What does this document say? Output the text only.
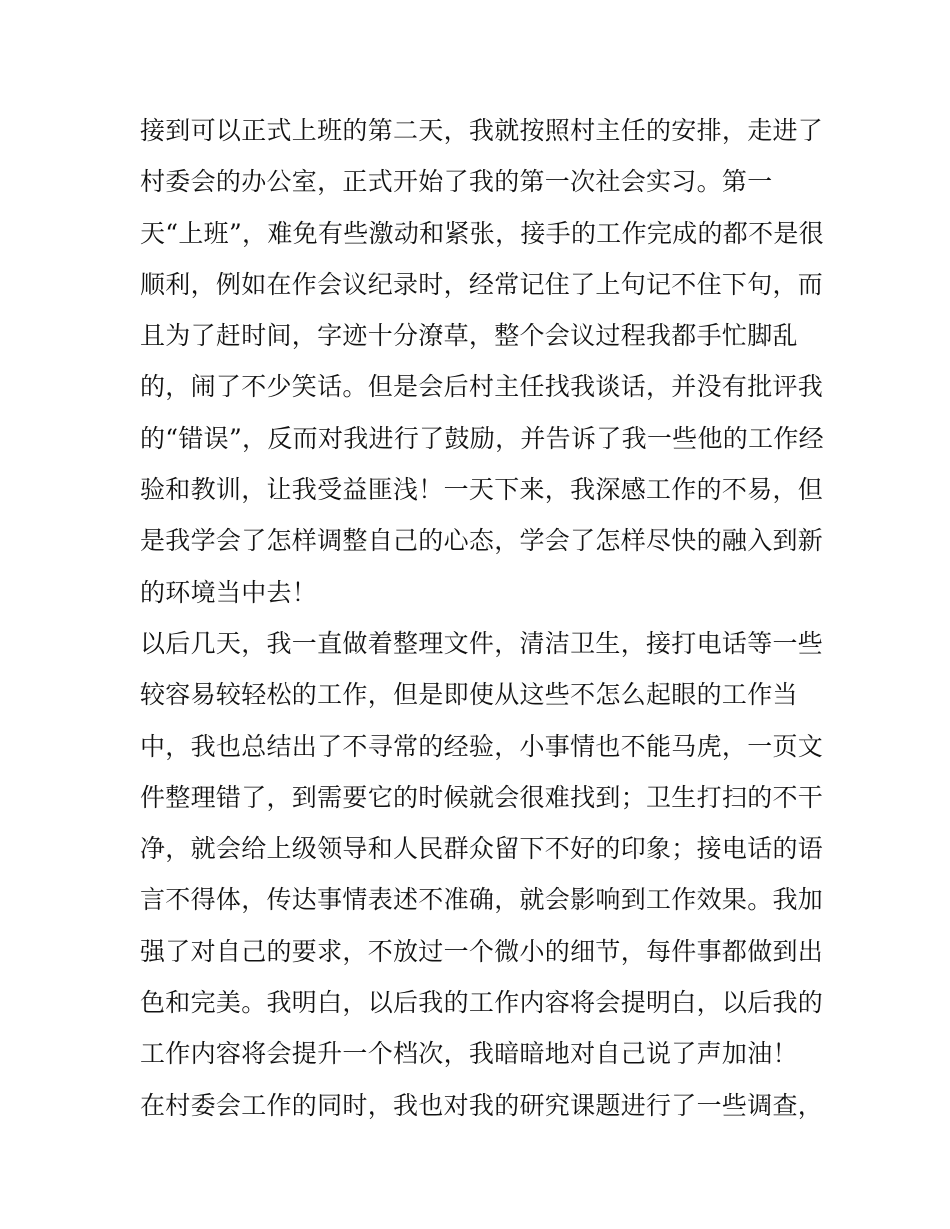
接到可以正式上班的第二天，我就按照村主任的安排，走进了
村委会的办公室，正式开始了我的第一次社会实习。第一
天“上班”，难免有些激动和紧张，接手的工作完成的都不是很
顺利，例如在作会议纪录时，经常记住了上句记不住下句，而
且为了赶时间，字迹十分潦草，整个会议过程我都手忙脚乱
的，闹了不少笑话。但是会后村主任找我谈话，并没有批评我
的“错误”，反而对我进行了鼓励，并告诉了我一些他的工作经
验和教训，让我受益匪浅！一天下来，我深感工作的不易，但
是我学会了怎样调整自己的心态，学会了怎样尽快的融入到新
的环境当中去！
以后几天，我一直做着整理文件，清洁卫生，接打电话等一些
较容易较轻松的工作，但是即使从这些不怎么起眼的工作当
中，我也总结出了不寻常的经验，小事情也不能马虎，一页文
件整理错了，到需要它的时候就会很难找到；卫生打扫的不干
净，就会给上级领导和人民群众留下不好的印象；接电话的语
言不得体，传达事情表述不准确，就会影响到工作效果。我加
强了对自己的要求，不放过一个微小的细节，每件事都做到出
色和完美。我明白，以后我的工作内容将会提明白，以后我的
工作内容将会提升一个档次，我暗暗地对自己说了声加油！
在村委会工作的同时，我也对我的研究课题进行了一些调查，
